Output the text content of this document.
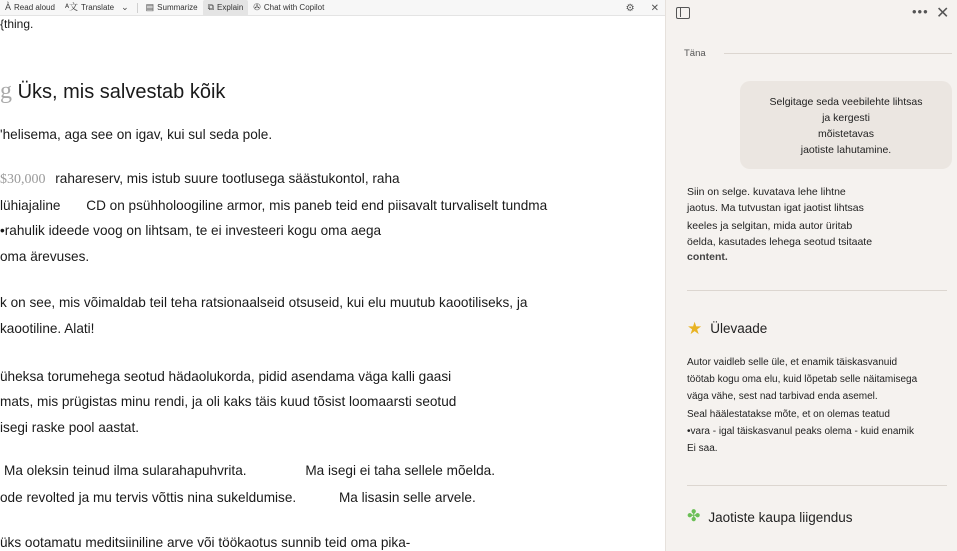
A͐ Read aloud ᴬ文 Translate ⌄ ▤ Summarize ⧉ Explain ✇ Chat with Copilot	⚙ ✕
{thing.
g Üks, mis salvestab kõik
'helisema, aga see on igav, kui sul seda pole.
$30,000 rahareserv, mis istub suure tootlusega säästukontol, raha
lühiajaline CD on psühholoogiline armor, mis paneb teid end piisavalt turvaliselt tundma
•rahulik ideede voog on lihtsam, te ei investeeri kogu oma aega
oma ärevuses.
k on see, mis võimaldab teil teha ratsionaalseid otsuseid, kui elu muutub kaootiliseks, ja
kaootiline. Alati!
üheksa torumehega seotud hädaolukorda, pidid asendama väga kalli gaasi
mats, mis prügistas minu rendi, ja oli kaks täis kuud tõsist loomaarsti seotud
isegi raske pool aastat.
Ma oleksin teinud ilma sularahapuhvrita.	Ma isegi ei taha sellele mõelda.
ode revolted ja mu tervis võttis nina sukeldumise.	Ma lisasin selle arvele.
üks ootamatu meditsiiniline arve või töökaotus sunnib teid oma pika-
••• ✕
Täna
Selgitage seda veebilehte lihtsas
ja kergesti
mõistetavas
jaotiste lahutamine.
Siin on selge. kuvatava lehe lihtne
jaotus. Ma tutvustan igat jaotist lihtsas
keeles ja selgitan, mida autor üritab
öelda, kasutades lehega seotud tsitaate
content.
★ Ülevaade
Autor vaidleb selle üle, et enamik täiskasvanuid
töötab kogu oma elu, kuid lõpetab selle näitamisega
väga vähe, sest nad tarbivad enda asemel.
Seal häälestatakse mõte, et on olemas teatud
•vara - igal täiskasvanul peaks olema - kuid enamik
Ei saa.
✤ Jaotiste kaupa liigendus
